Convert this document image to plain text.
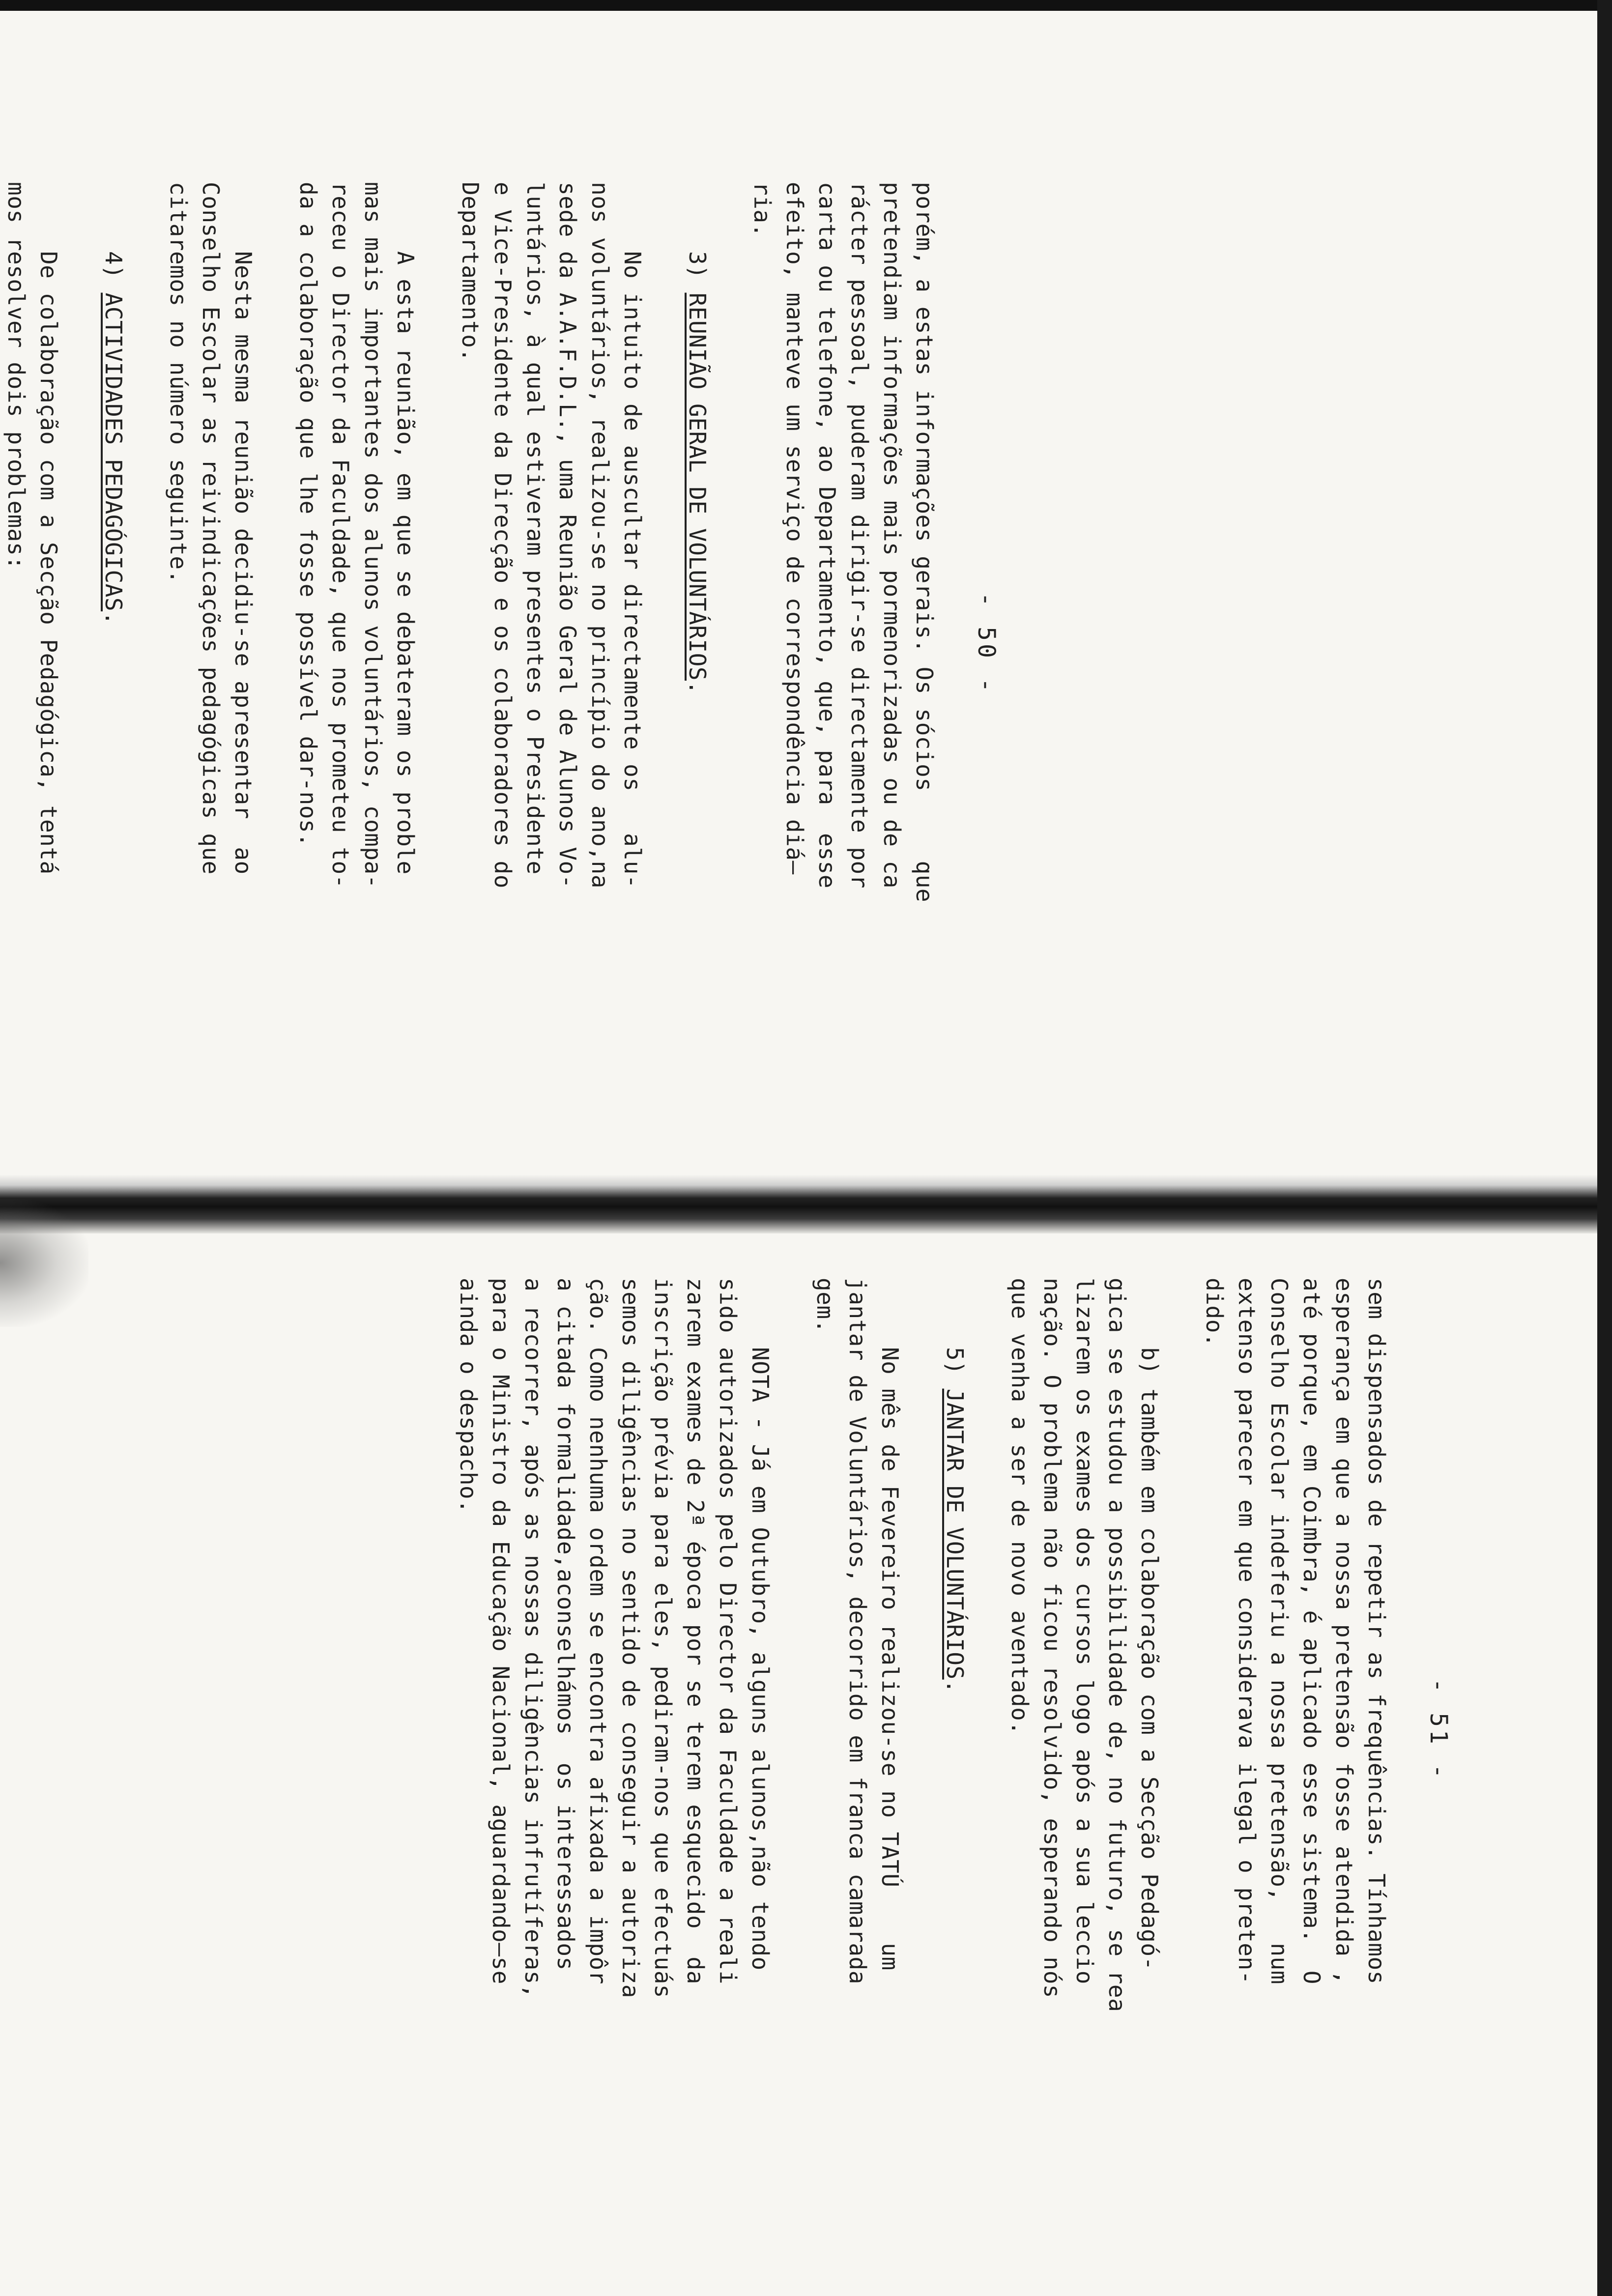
- 50 -
porém, a estas informações gerais. Os sócios     que
pretendiam informações mais pormenorizadas ou de ca
rácter pessoal, puderam dirigir-se directamente por
carta ou telefone, ao Departamento, que, para  esse
efeito, manteve um serviço de correspondência diá—
ria.
3) REUNIÃO GERAL DE VOLUNTÁRIOS.
No intuito de auscultar directamente os   alu-
nos voluntários, realizou-se no princípio do ano,na
sede da A.A.F.D.L., uma Reunião Geral de Alunos Vo-
luntários, à qual estiveram presentes o Presidente
e Vice-Presidente da Direcção e os colaboradores do
Departamento.
A esta reunião, em que se debateram os proble
mas mais importantes dos alunos voluntários, compa-
receu o Director da Faculdade, que nos prometeu to-
da a colaboração que lhe fosse possível dar-nos.
Nesta mesma reunião decidiu-se apresentar  ao
Conselho Escolar as reivindicações pedagógicas que
citaremos no número seguinte.
4) ACTIVIDADES PEDAGÓGICAS.
De colaboração com a Secção Pedagógica, tentá
mos resolver dois problemas:
- 51 -
sem dispensados de repetir as frequências. Tínhamos
esperança em que a nossa pretensão fosse atendida ,
até porque, em Coimbra, é aplicado esse sistema.  O
Conselho Escolar indeferiu a nossa pretensão,   num
extenso parecer em que considerava ilegal o preten-
dido.
b) também em colaboração com a Secção Pedagó-
gica se estudou a possibilidade de, no futuro, se rea
lizarem os exames dos cursos logo após a sua leccio
nação. O problema não ficou resolvido, esperando nós
que venha a ser de novo aventado.
5) JANTAR DE VOLUNTÁRIOS.
No mês de Fevereiro realizou-se no TATÚ    um
jantar de Voluntários, decorrido em franca camarada
gem.
NOTA - Já em Outubro, alguns alunos,não tendo
sido autorizados pelo Director da Faculdade a reali
zarem exames de 2ª época por se terem esquecido  da
inscrição prévia para eles, pediram-nos que efectuás
semos diligências no sentido de conseguir a autoriza
ção. Como nenhuma ordem se encontra afixada a impôr
a citada formalidade,aconselhámos  os interessados
a recorrer, após as nossas diligências infrutíferas,
para o Ministro da Educação Nacional, aguardando—se
ainda o despacho.
